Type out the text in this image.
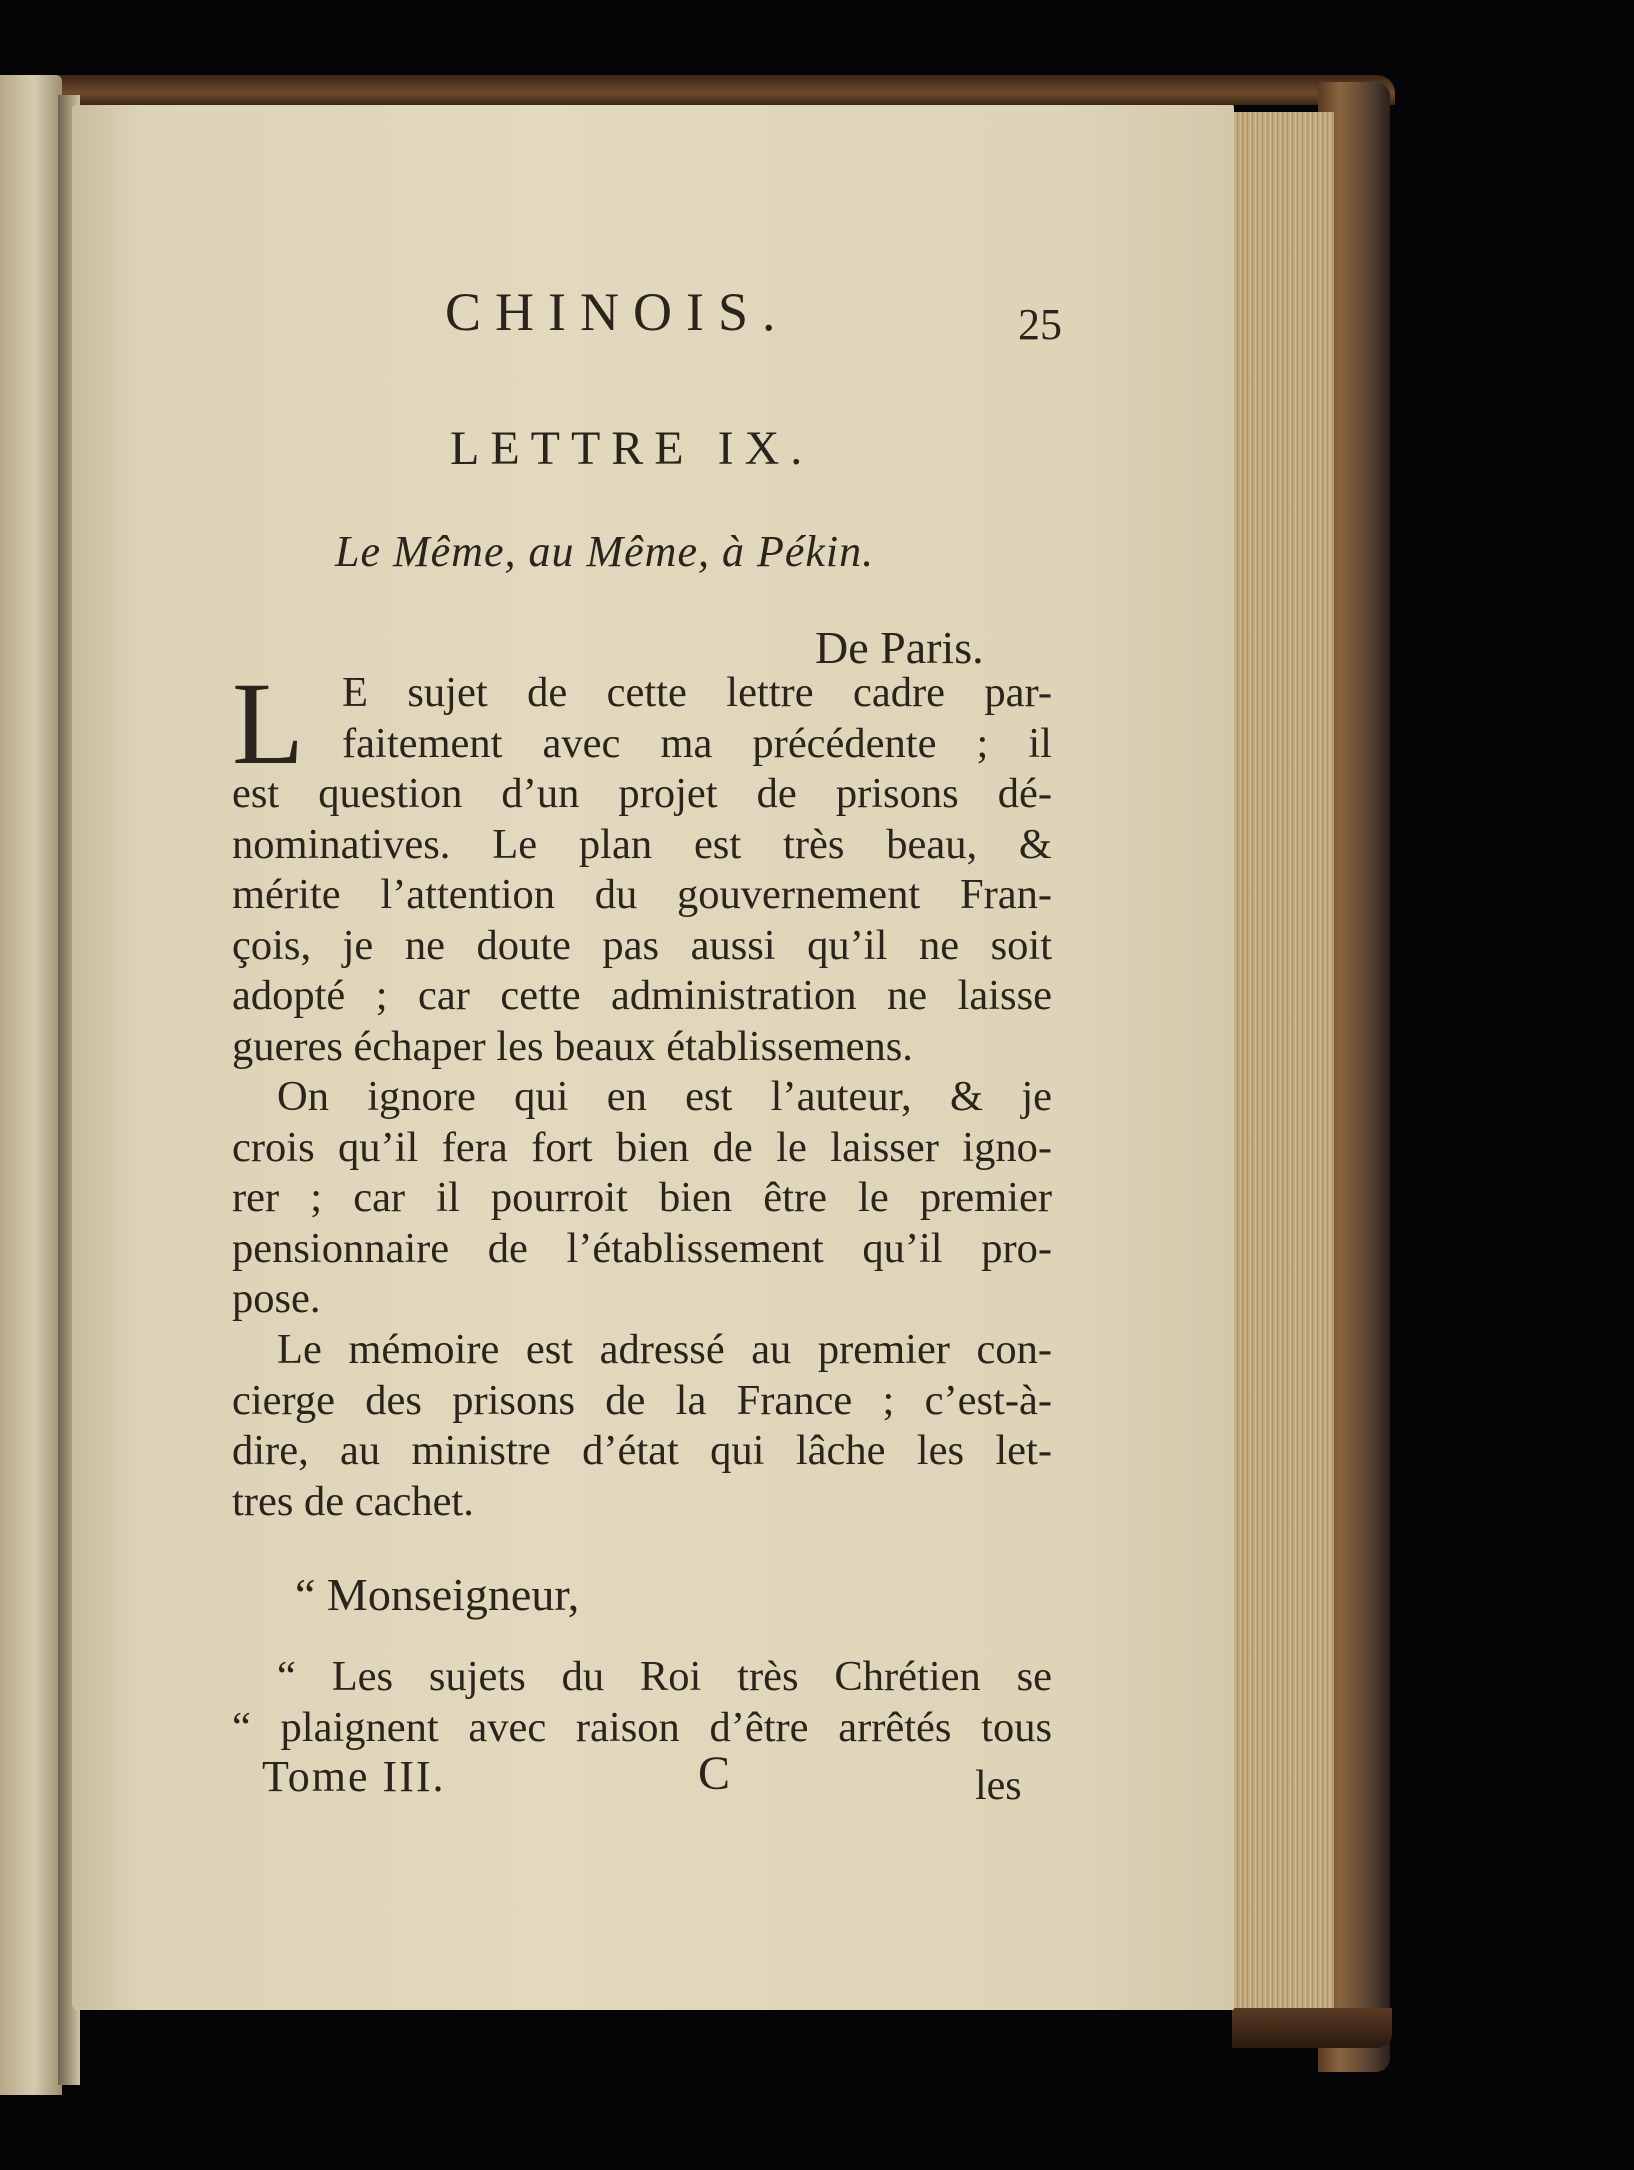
CHINOIS.	25
LETTRE IX.
Le Même, au Même, à Pékin.
De Paris.
L E sujet de cette lettre cadre par-
faitement avec ma précédente ; il
est question d’un projet de prisons dé-
nominatives. Le plan est très beau, &
mérite l’attention du gouvernement Fran-
çois, je ne doute pas aussi qu’il ne soit
adopté ; car cette administration ne laisse
gueres échaper les beaux établissemens.
On ignore qui en est l’auteur, & je
crois qu’il fera fort bien de le laisser igno-
rer ; car il pourroit bien être le premier
pensionnaire de l’établissement qu’il pro-
pose.
Le mémoire est adressé au premier con-
cierge des prisons de la France ; c’est-à-
dire, au ministre d’état qui lâche les let-
tres de cachet.
“ Monseigneur,
“ Les sujets du Roi très Chrétien se
“ plaignent avec raison d’être arrêtés tous
Tome III.	C	les
